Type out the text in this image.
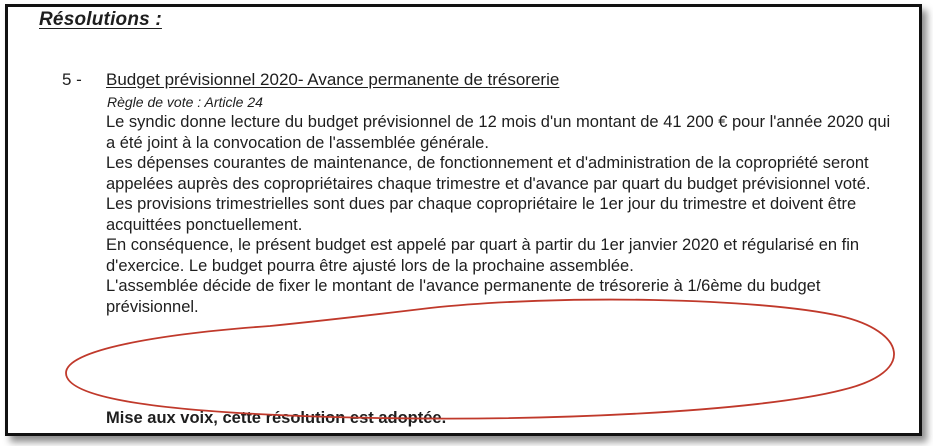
Résolutions :
5 - Budget prévisionnel 2020- Avance permanente de trésorerie
Règle de vote : Article 24

Le syndic donne lecture du budget prévisionnel de 12 mois d'un montant de 41 200 € pour l'année 2020 qui a été joint à la convocation de l'assemblée générale.

Les dépenses courantes de maintenance, de fonctionnement et d'administration de la copropriété seront appelées auprès des copropriétaires chaque trimestre et d'avance par quart du budget prévisionnel voté.

Les provisions trimestrielles sont dues par chaque copropriétaire le 1er jour du trimestre et doivent être acquittées ponctuellement.

En conséquence, le présent budget est appelé par quart à partir du 1er janvier 2020 et régularisé en fin d'exercice. Le budget pourra être ajusté lors de la prochaine assemblée.

L'assemblée décide de fixer le montant de l'avance permanente de trésorerie à 1/6ème du budget prévisionnel.

Mise aux voix, cette résolution est adoptée.
